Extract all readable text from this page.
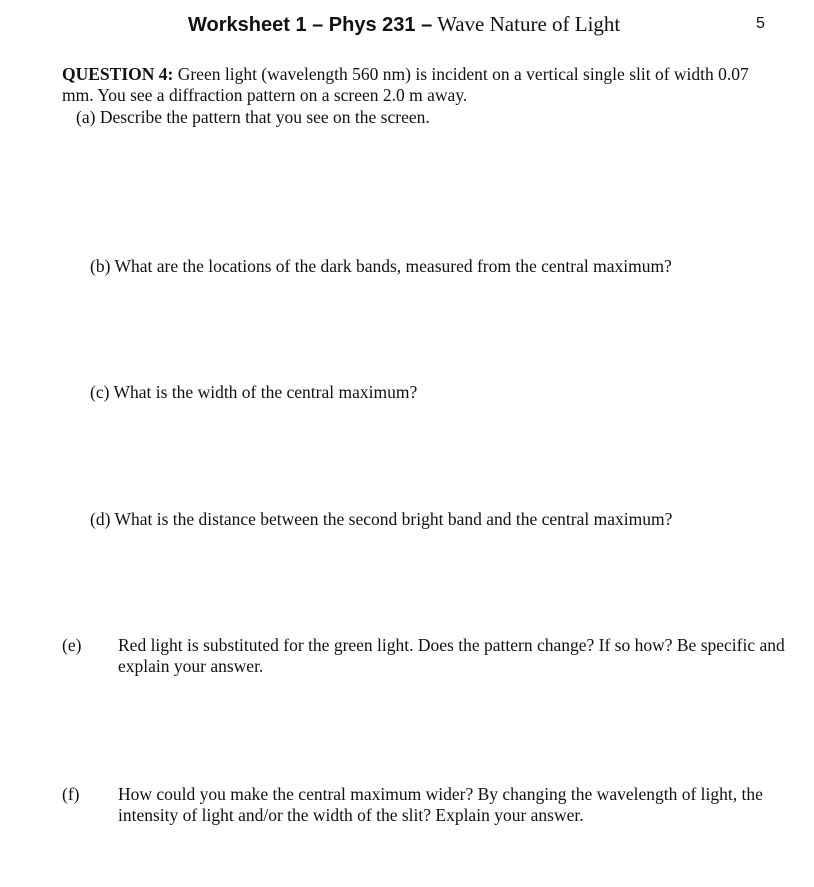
Worksheet 1 – Phys 231 – Wave Nature of Light	5
QUESTION 4: Green light (wavelength 560 nm) is incident on a vertical single slit of width 0.07 mm. You see a diffraction pattern on a screen 2.0 m away.
(a) Describe the pattern that you see on the screen.
(b) What are the locations of the dark bands, measured from the central maximum?
(c) What is the width of the central maximum?
(d) What is the distance between the second bright band and the central maximum?
(e) Red light is substituted for the green light. Does the pattern change? If so how? Be specific and explain your answer.
(f) How could you make the central maximum wider? By changing the wavelength of light, the intensity of light and/or the width of the slit? Explain your answer.
